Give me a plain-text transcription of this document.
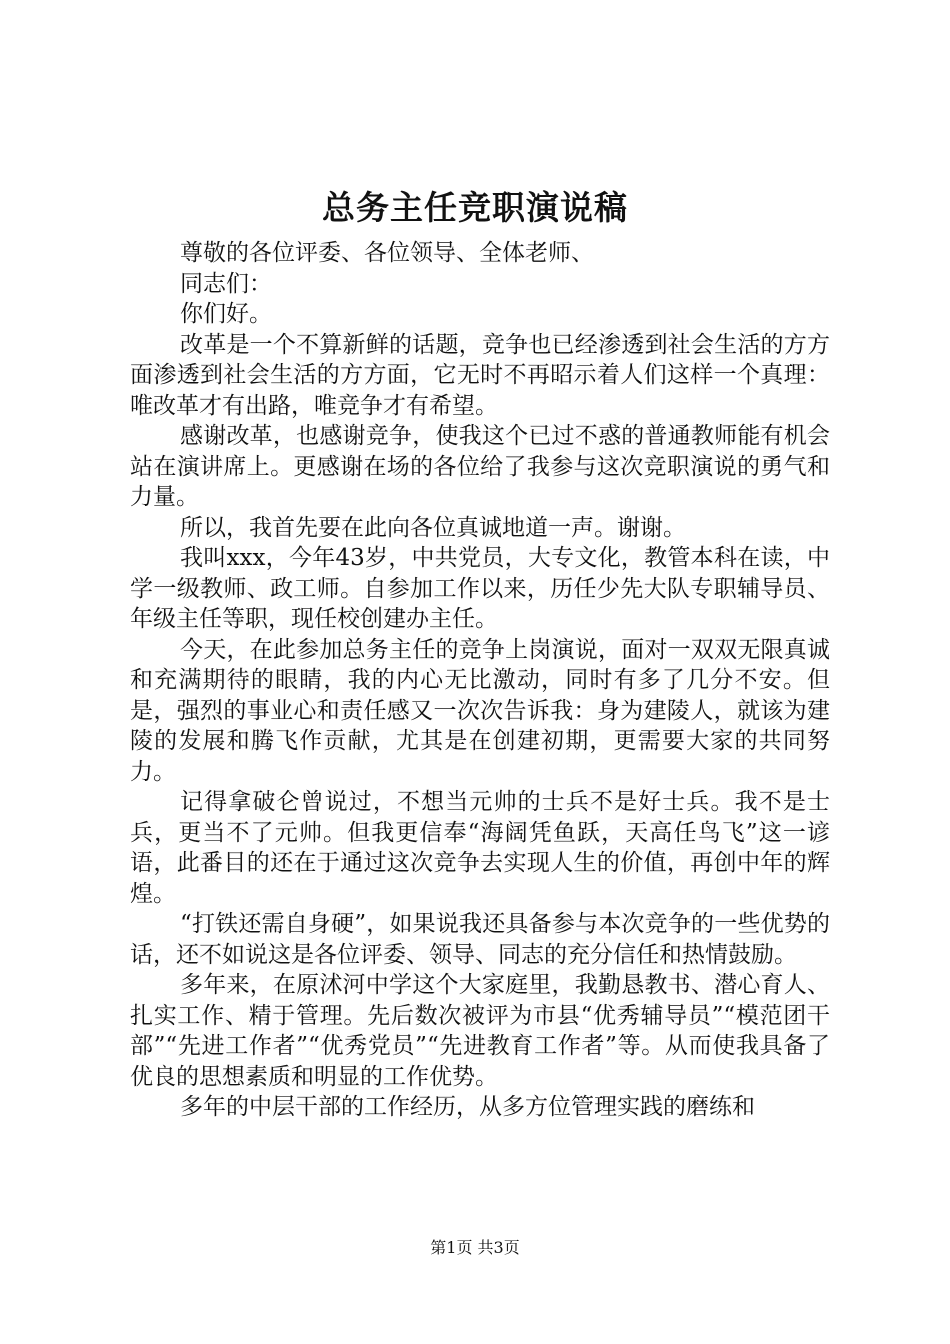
总务主任竞职演说稿

尊敬的各位评委、各位领导、全体老师、

同志们：

你们好。

改革是一个不算新鲜的话题，竞争也已经渗透到社会生活的方方面渗透到社会生活的方方面，它无时不再昭示着人们这样一个真理：唯改革才有出路，唯竞争才有希望。

感谢改革，也感谢竞争，使我这个已过不惑的普通教师能有机会站在演讲席上。更感谢在场的各位给了我参与这次竞职演说的勇气和力量。

所以，我首先要在此向各位真诚地道一声。谢谢。

我叫xxx，今年43岁，中共党员，大专文化，教管本科在读，中学一级教师、政工师。自参加工作以来，历任少先大队专职辅导员、年级主任等职，现任校创建办主任。

今天，在此参加总务主任的竞争上岗演说，面对一双双无限真诚和充满期待的眼睛，我的内心无比激动，同时有多了几分不安。但是，强烈的事业心和责任感又一次次告诉我：身为建陵人，就该为建陵的发展和腾飞作贡献，尤其是在创建初期，更需要大家的共同努力。

记得拿破仑曾说过，不想当元帅的士兵不是好士兵。我不是士兵，更当不了元帅。但我更信奉“海阔凭鱼跃，天高任鸟飞”这一谚语，此番目的还在于通过这次竞争去实现人生的价值，再创中年的辉煌。

“打铁还需自身硬”，如果说我还具备参与本次竞争的一些优势的话，还不如说这是各位评委、领导、同志的充分信任和热情鼓励。

多年来，在原沭河中学这个大家庭里，我勤恳教书、潜心育人、扎实工作、精于管理。先后数次被评为市县“优秀辅导员”“模范团干部”“先进工作者”“优秀党员”“先进教育工作者”等。从而使我具备了优良的思想素质和明显的工作优势。

多年的中层干部的工作经历，从多方位管理实践的磨练和

第1页 共3页
